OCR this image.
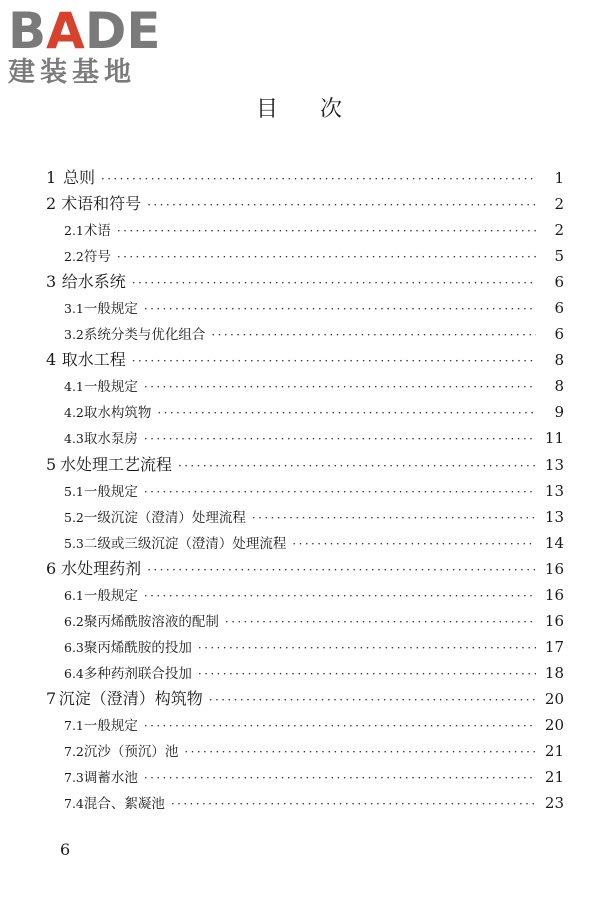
BADE
建装基地
目次
1 总则 ·····	1
2 术语和符号 ·····	2
2.1 术语 ·····	2
2.2 符号 ·····	5
3 给水系统 ·····	6
3.1 一般规定 ·····	6
3.2 系统分类与优化组合 ·····	6
4 取水工程 ·····	8
4.1 一般规定 ·····	8
4.2 取水构筑物 ·····	9
4.3 取水泵房 ·····	11
5 水处理工艺流程 ·····	13
5.1 一般规定 ·····	13
5.2 一级沉淀（澄清）处理流程 ·····	13
5.3 二级或三级沉淀（澄清）处理流程 ·····	14
6 水处理药剂 ·····	16
6.1 一般规定 ·····	16
6.2 聚丙烯酰胺溶液的配制 ·····	16
6.3 聚丙烯酰胺的投加 ·····	17
6.4 多种药剂联合投加 ·····	18
7 沉淀（澄清）构筑物 ·····	20
7.1 一般规定 ·····	20
7.2 沉沙（预沉）池 ·····	21
7.3 调蓄水池 ·····	21
7.4 混合、絮凝池 ·····	23
6
